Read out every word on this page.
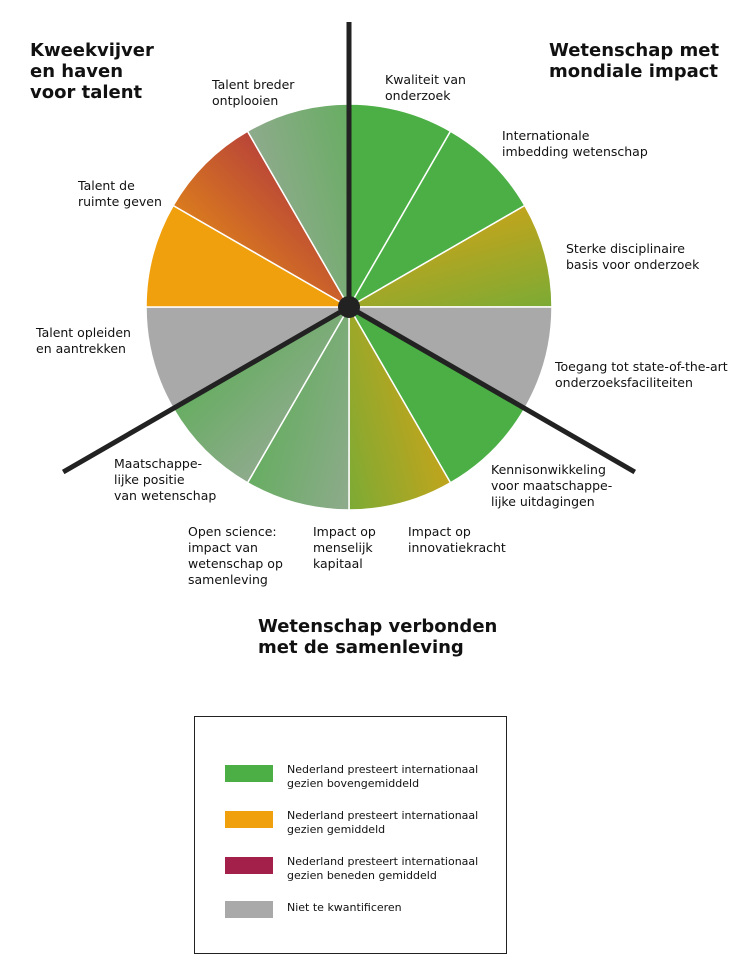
Kweekvijver
en haven
voor talent
Wetenschap met
mondiale impact
Wetenschap verbonden
met de samenleving
Kwaliteit van
onderzoek
Internationale
imbedding wetenschap
Sterke disciplinaire
basis voor onderzoek
Toegang tot state-of-the-art
onderzoeksfaciliteiten
Kennisonwikkeling
voor maatschappe-
lijke uitdagingen
Impact op
innovatiekracht
Impact op
menselijk
kapitaal
Open science:
impact van
wetenschap op
samenleving
Maatschappe-
lijke positie
van wetenschap
Talent opleiden
en aantrekken
Talent de
ruimte geven
Talent breder
ontplooien
Nederland presteert internationaal
gezien bovengemiddeld
Nederland presteert internationaal
gezien gemiddeld
Nederland presteert internationaal
gezien beneden gemiddeld
Niet te kwantificeren
